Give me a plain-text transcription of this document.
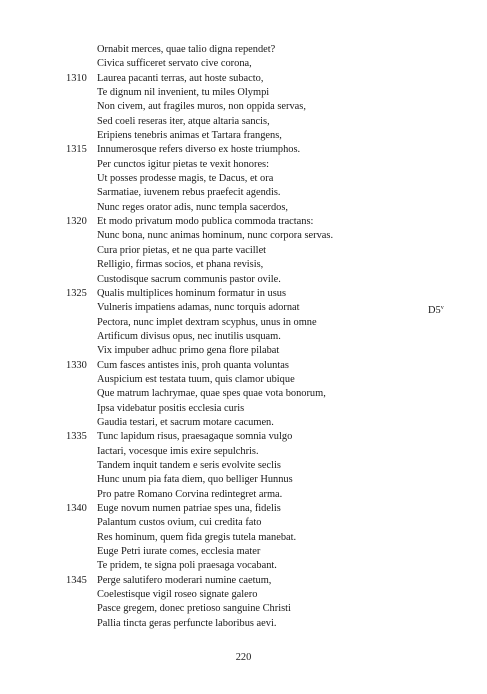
Ornabit merces, quae talio digna rependet?
Civica sufficeret servato cive corona,
1310 Laurea pacanti terras, aut hoste subacto,
Te dignum nil invenient, tu miles Olympi
Non civem, aut fragiles muros, non oppida servas,
Sed coeli reseras iter, atque altaria sancis,
Eripiens tenebris animas et Tartara frangens,
1315 Innumerosque refers diverso ex hoste triumphos.
Per cunctos igitur pietas te vexit honores:
Ut posses prodesse magis, te Dacus, et ora
Sarmatiae, iuvenem rebus praefecit agendis.
Nunc reges orator adis, nunc templa sacerdos,
1320 Et modo privatum modo publica commoda tractans:
Nunc bona, nunc animas hominum, nunc corpora servas.
Cura prior pietas, et ne qua parte vacillet
Relligio, firmas socios, et phana revisis,
Custodisque sacrum communis pastor ovile.
1325 Qualis multiplices hominum formatur in usus
Vulneris impatiens adamas, nunc torquis adornat	D5$^v$
Pectora, nunc implet dextram scyphus, unus in omne
Artificum divisus opus, nec inutilis usquam.
Vix impuber adhuc primo gena flore pilabat
1330 Cum fasces antistes inis, proh quanta voluntas
Auspicium est testata tuum, quis clamor ubique
Que matrum lachrymae, quae spes quae vota bonorum,
Ipsa videbatur positis ecclesia curis
Gaudia testari, et sacrum motare cacumen.
1335 Tunc lapidum risus, praesagaque somnia vulgo
Iactari, vocesque imis exire sepulchris.
Tandem inquit tandem e seris evolvite seclis
Hunc unum pia fata diem, quo belliger Hunnus
Pro patre Romano Corvina redintegret arma.
1340 Euge novum numen patriae spes una, fidelis
Palantum custos ovium, cui credita fato
Res hominum, quem fida gregis tutela manebat.
Euge Petri iurate comes, ecclesia mater
Te pridem, te signa poli praesaga vocabant.
1345 Perge salutifero moderari numine caetum,
Coelestisque vigil roseo signate galero
Pasce gregem, donec pretioso sanguine Christi
Pallia tincta geras perfuncte laboribus aevi.
220
